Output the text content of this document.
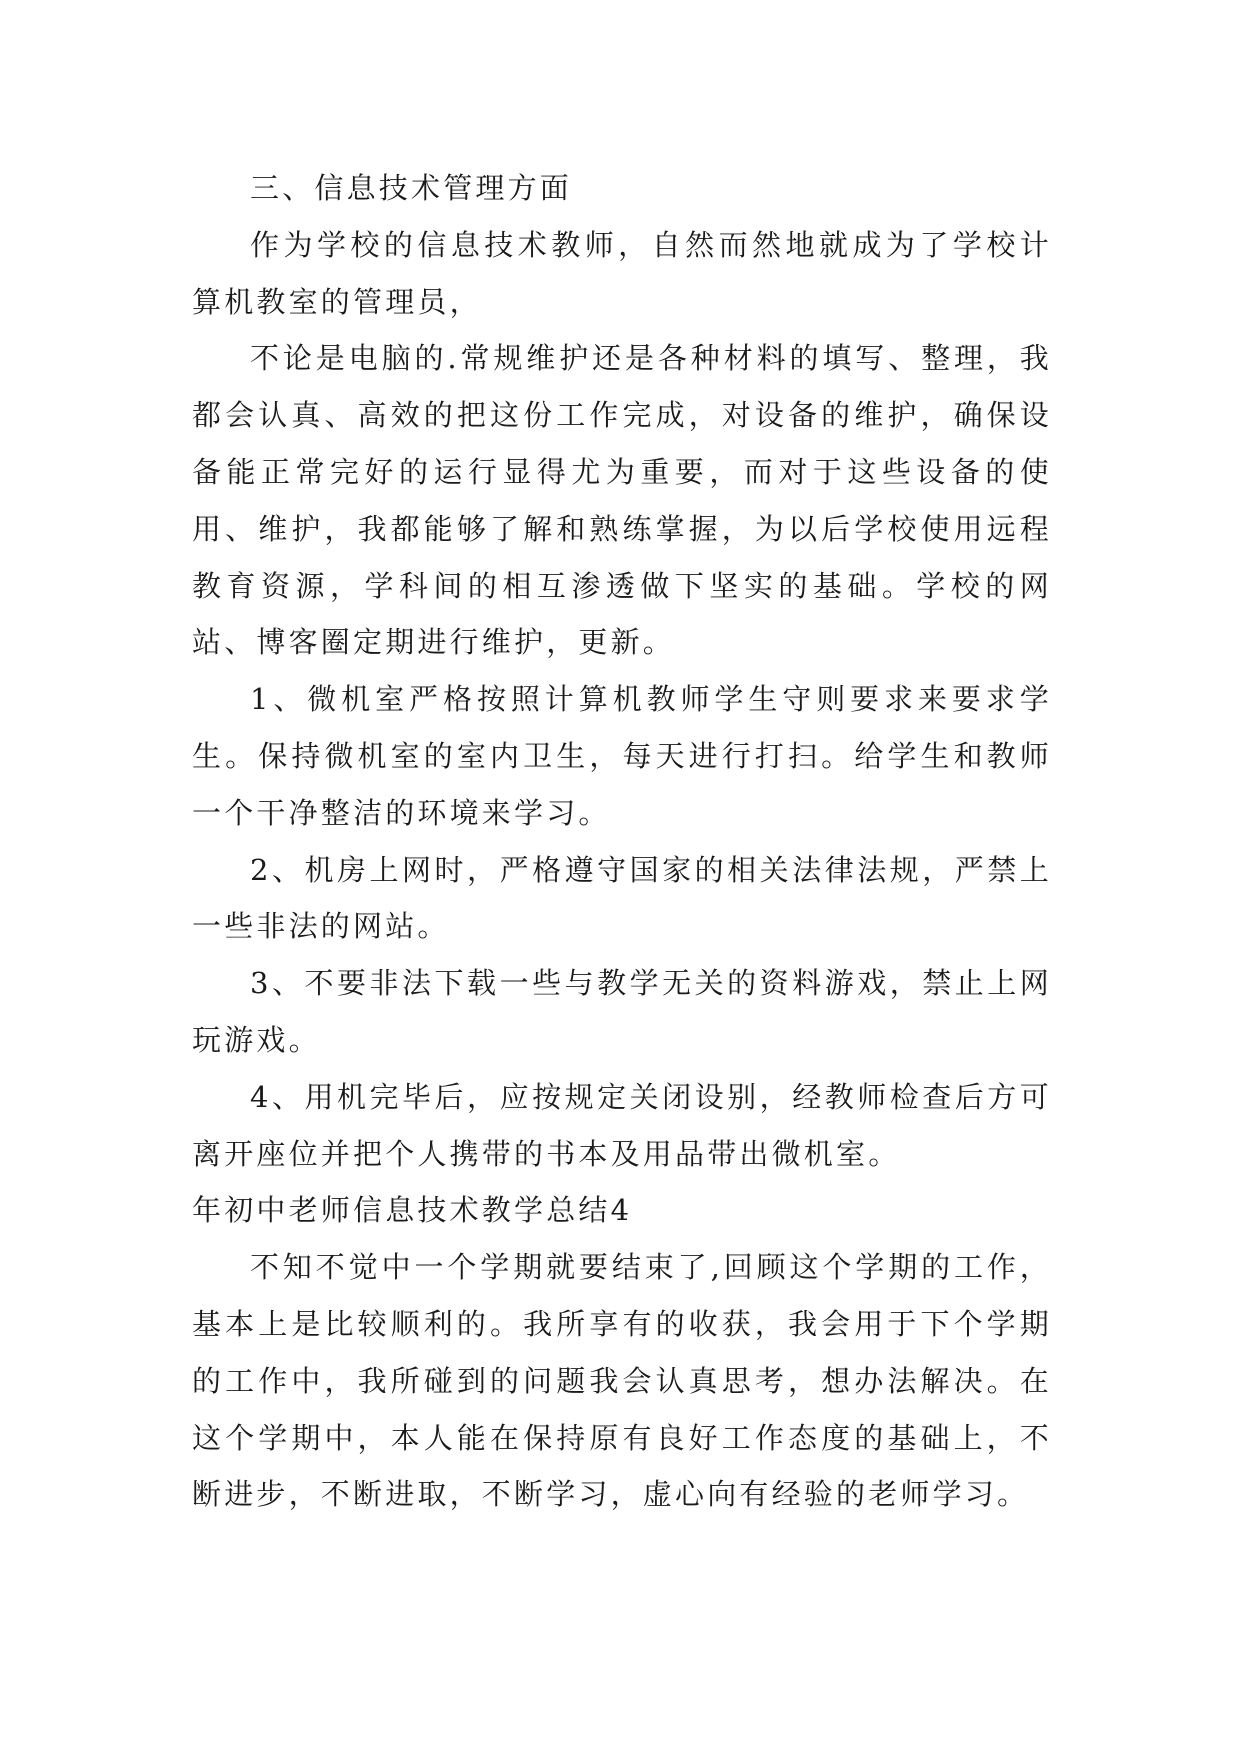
三、信息技术管理方面

作为学校的信息技术教师，自然而然地就成为了学校计算机教室的管理员，

不论是电脑的.常规维护还是各种材料的填写、整理，我都会认真、高效的把这份工作完成，对设备的维护，确保设备能正常完好的运行显得尤为重要，而对于这些设备的使用、维护，我都能够了解和熟练掌握，为以后学校使用远程教育资源，学科间的相互渗透做下坚实的基础。学校的网站、博客圈定期进行维护，更新。

1、微机室严格按照计算机教师学生守则要求来要求学生。保持微机室的室内卫生，每天进行打扫。给学生和教师一个干净整洁的环境来学习。

2、机房上网时，严格遵守国家的相关法律法规，严禁上一些非法的网站。

3、不要非法下载一些与教学无关的资料游戏，禁止上网玩游戏。

4、用机完毕后，应按规定关闭设别，经教师检查后方可离开座位并把个人携带的书本及用品带出微机室。

年初中老师信息技术教学总结4

不知不觉中一个学期就要结束了,回顾这个学期的工作，基本上是比较顺利的。我所享有的收获，我会用于下个学期的工作中，我所碰到的问题我会认真思考，想办法解决。在这个学期中，本人能在保持原有良好工作态度的基础上，不断进步，不断进取，不断学习，虚心向有经验的老师学习。
